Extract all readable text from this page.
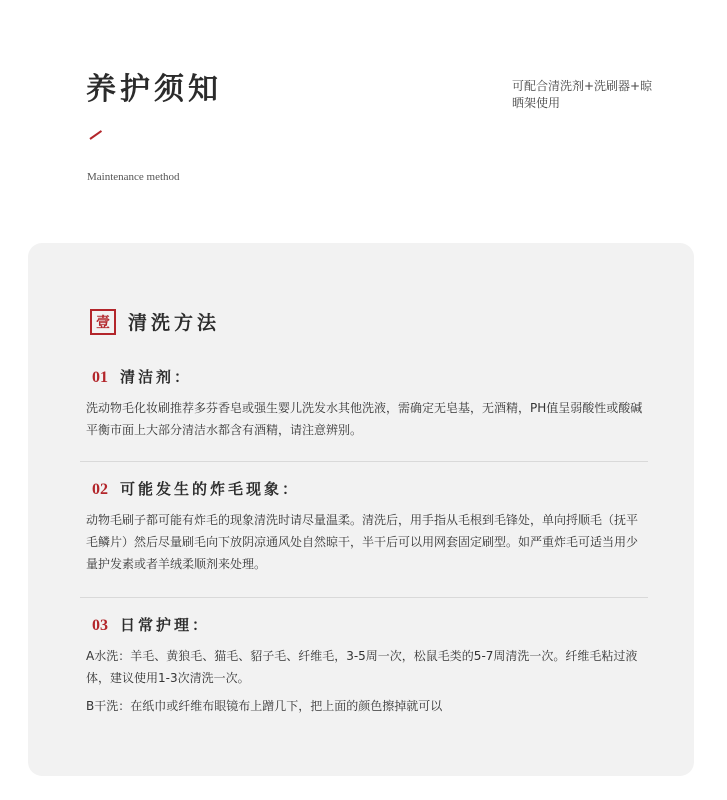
养护须知	可配合清洗剂+洗刷器+晾晒架使用
Maintenance method
壹 清洗方法
01 清洁剂：

洗动物毛化妆刷推荐多芬香皂或强生婴儿洗发水其他洗液，需确定无皂基，无酒精，PH值呈弱酸性或酸碱平衡市面上大部分清洁水都含有酒精，请注意辨别。

02 可能发生的炸毛现象：

动物毛刷子都可能有炸毛的现象清洗时请尽量温柔。清洗后，用手指从毛根到毛锋处，单向捋顺毛（抚平毛鳞片）然后尽量刷毛向下放阴凉通风处自然晾干，半干后可以用网套固定刷型。如严重炸毛可适当用少量护发素或者羊绒柔顺剂来处理。

03 日常护理：

A水洗：羊毛、黄狼毛、猫毛、貂子毛、纤维毛，3-5周一次，松鼠毛类的5-7周清洗一次。纤维毛粘过液体，建议使用1-3次清洗一次。

B干洗：在纸巾或纤维布眼镜布上蹭几下，把上面的颜色擦掉就可以
